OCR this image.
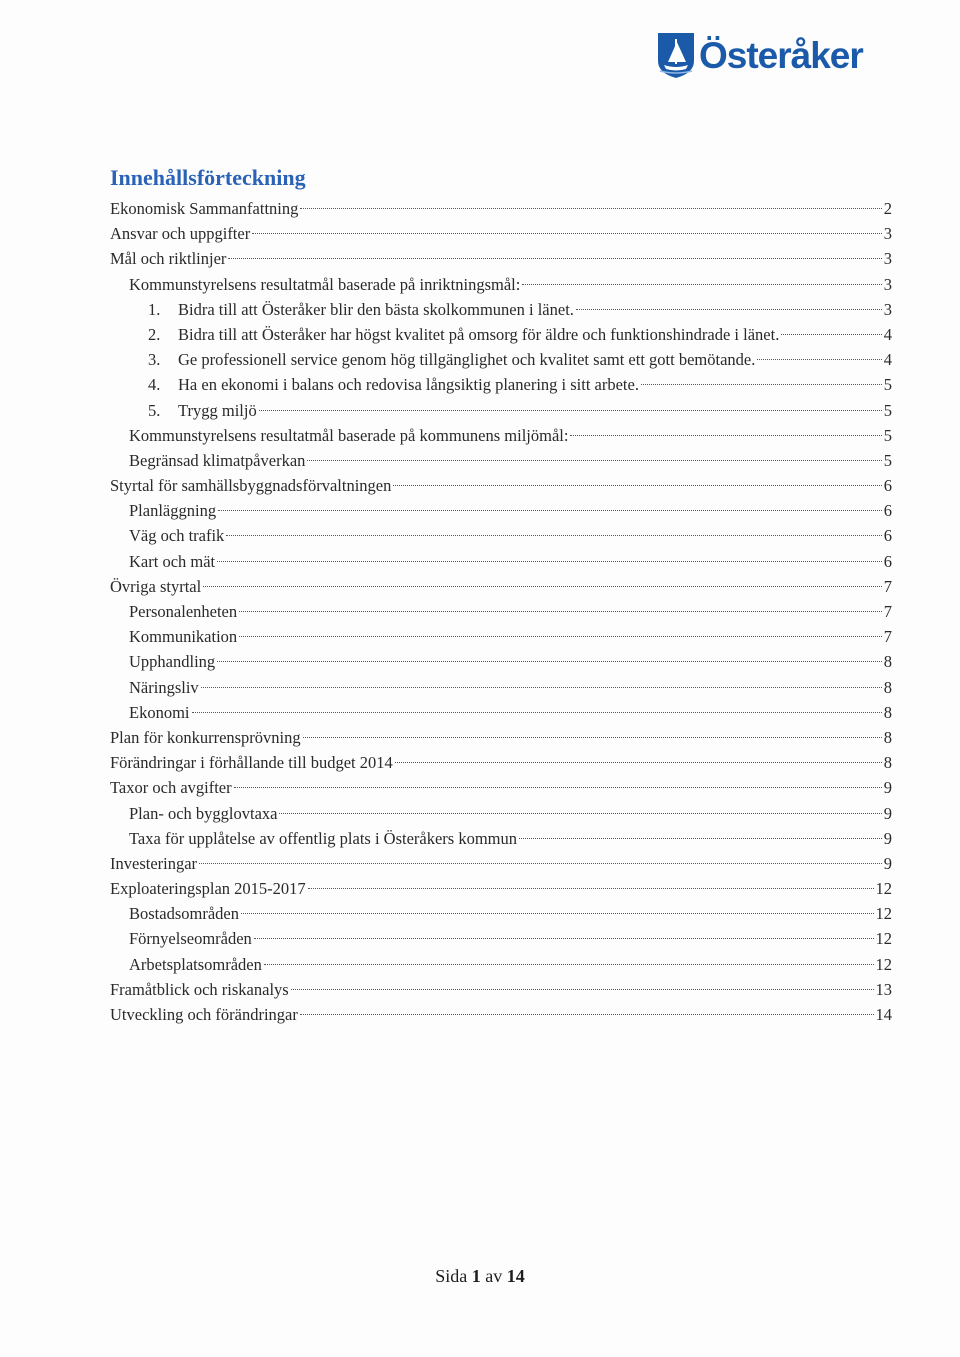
Österåker
Innehållsförteckning
Ekonomisk Sammanfattning	2
Ansvar och uppgifter	3
Mål och riktlinjer	3
Kommunstyrelsens resultatmål baserade på inriktningsmål:	3
1.	Bidra till att Österåker blir den bästa skolkommunen i länet.	3
2.	Bidra till att Österåker har högst kvalitet på omsorg för äldre och funktionshindrade i länet.	4
3.	Ge professionell service genom hög tillgänglighet och kvalitet samt ett gott bemötande.	4
4.	Ha en ekonomi i balans och redovisa långsiktig planering i sitt arbete.	5
5.	Trygg miljö	5
Kommunstyrelsens resultatmål baserade på kommunens miljömål:	5
Begränsad klimatpåverkan	5
Styrtal för samhällsbyggnadsförvaltningen	6
Planläggning	6
Väg och trafik	6
Kart och mät	6
Övriga styrtal	7
Personalenheten	7
Kommunikation	7
Upphandling	8
Näringsliv	8
Ekonomi	8
Plan för konkurrensprövning	8
Förändringar i förhållande till budget 2014	8
Taxor och avgifter	9
Plan- och bygglovtaxa	9
Taxa för upplåtelse av offentlig plats i Österåkers kommun	9
Investeringar	9
Exploateringsplan 2015-2017	12
Bostadsområden	12
Förnyelseområden	12
Arbetsplatsområden	12
Framåtblick och riskanalys	13
Utveckling och förändringar	14
Sida 1 av 14
